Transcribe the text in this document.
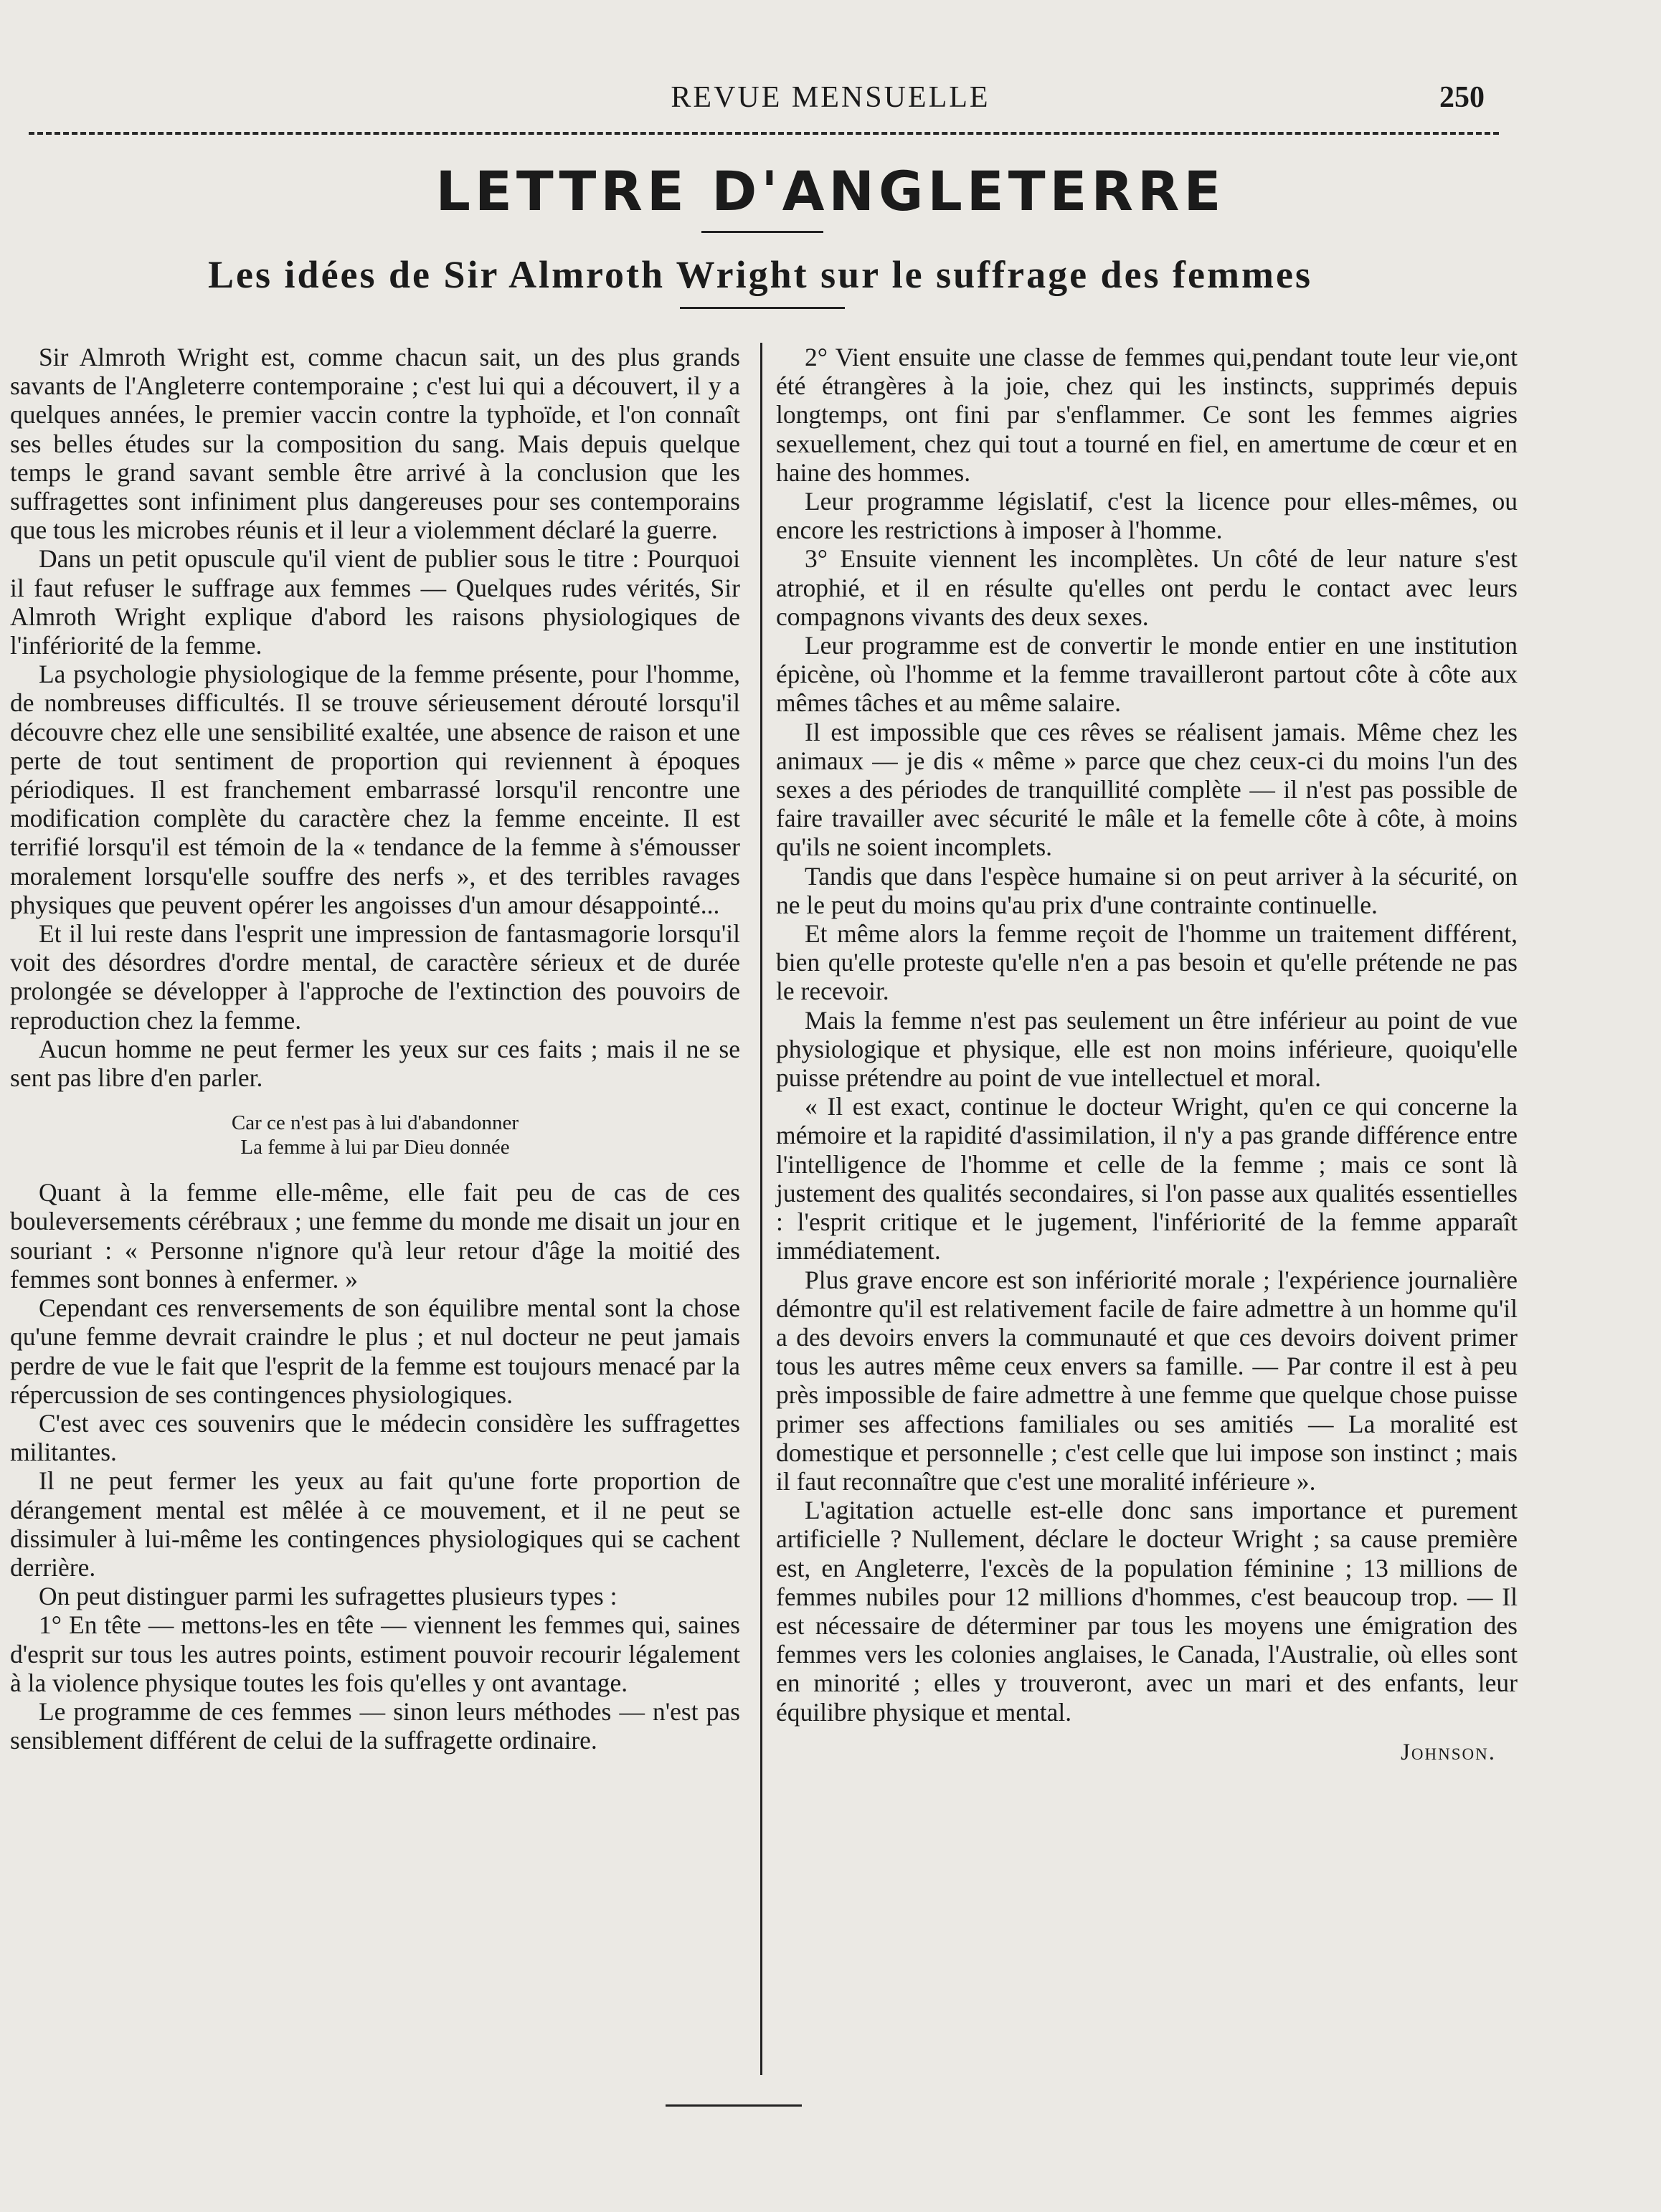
REVUE MENSUELLE	250
LETTRE D'ANGLETERRE
Les idées de Sir Almroth Wright sur le suffrage des femmes

Sir Almroth Wright est, comme chacun sait, un des plus grands savants de l'Angleterre contemporaine ; c'est lui qui a découvert, il y a quelques années, le premier vaccin contre la typhoïde, et l'on connaît ses belles études sur la composition du sang. Mais depuis quelque temps le grand savant semble être arrivé à la conclusion que les suffragettes sont infiniment plus dangereuses pour ses contemporains que tous les microbes réunis et il leur a violemment déclaré la guerre.

Dans un petit opuscule qu'il vient de publier sous le titre : Pourquoi il faut refuser le suffrage aux femmes — Quelques rudes vérités, Sir Almroth Wright explique d'abord les raisons physiologiques de l'infériorité de la femme.

La psychologie physiologique de la femme présente, pour l'homme, de nombreuses difficultés. Il se trouve sérieusement dérouté lorsqu'il découvre chez elle une sensibilité exaltée, une absence de raison et une perte de tout sentiment de proportion qui reviennent à époques périodiques. Il est franchement embarrassé lorsqu'il rencontre une modification complète du caractère chez la femme enceinte. Il est terrifié lorsqu'il est témoin de la « tendance de la femme à s'émousser moralement lorsqu'elle souffre des nerfs », et des terribles ravages physiques que peuvent opérer les angoisses d'un amour désappointé...

Et il lui reste dans l'esprit une impression de fantasmagorie lorsqu'il voit des désordres d'ordre mental, de caractère sérieux et de durée prolongée se développer à l'approche de l'extinction des pouvoirs de reproduction chez la femme.

Aucun homme ne peut fermer les yeux sur ces faits ; mais il ne se sent pas libre d'en parler.

Car ce n'est pas à lui d'abandonner
La femme à lui par Dieu donnée

Quant à la femme elle-même, elle fait peu de cas de ces bouleversements cérébraux ; une femme du monde me disait un jour en souriant : « Personne n'ignore qu'à leur retour d'âge la moitié des femmes sont bonnes à enfermer. »

Cependant ces renversements de son équilibre mental sont la chose qu'une femme devrait craindre le plus ; et nul docteur ne peut jamais perdre de vue le fait que l'esprit de la femme est toujours menacé par la répercussion de ses contingences physiologiques.

C'est avec ces souvenirs que le médecin considère les suffragettes militantes.

Il ne peut fermer les yeux au fait qu'une forte proportion de dérangement mental est mêlée à ce mouvement, et il ne peut se dissimuler à lui-même les contingences physiologiques qui se cachent derrière.

On peut distinguer parmi les sufragettes plusieurs types :

1° En tête — mettons-les en tête — viennent les femmes qui, saines d'esprit sur tous les autres points, estiment pouvoir recourir légalement à la violence physique toutes les fois qu'elles y ont avantage.

Le programme de ces femmes — sinon leurs méthodes — n'est pas sensiblement différent de celui de la suffragette ordinaire.

2° Vient ensuite une classe de femmes qui,pendant toute leur vie,ont été étrangères à la joie, chez qui les instincts, supprimés depuis longtemps, ont fini par s'enflammer. Ce sont les femmes aigries sexuellement, chez qui tout a tourné en fiel, en amertume de cœur et en haine des hommes.

Leur programme législatif, c'est la licence pour elles-mêmes, ou encore les restrictions à imposer à l'homme.

3° Ensuite viennent les incomplètes. Un côté de leur nature s'est atrophié, et il en résulte qu'elles ont perdu le contact avec leurs compagnons vivants des deux sexes.

Leur programme est de convertir le monde entier en une institution épicène, où l'homme et la femme travailleront partout côte à côte aux mêmes tâches et au même salaire.

Il est impossible que ces rêves se réalisent jamais. Même chez les animaux — je dis « même » parce que chez ceux-ci du moins l'un des sexes a des périodes de tranquillité complète — il n'est pas possible de faire travailler avec sécurité le mâle et la femelle côte à côte, à moins qu'ils ne soient incomplets.

Tandis que dans l'espèce humaine si on peut arriver à la sécurité, on ne le peut du moins qu'au prix d'une contrainte continuelle.

Et même alors la femme reçoit de l'homme un traitement différent, bien qu'elle proteste qu'elle n'en a pas besoin et qu'elle prétende ne pas le recevoir.

Mais la femme n'est pas seulement un être inférieur au point de vue physiologique et physique, elle est non moins inférieure, quoiqu'elle puisse prétendre au point de vue intellectuel et moral.

« Il est exact, continue le docteur Wright, qu'en ce qui concerne la mémoire et la rapidité d'assimilation, il n'y a pas grande différence entre l'intelligence de l'homme et celle de la femme ; mais ce sont là justement des qualités secondaires, si l'on passe aux qualités essentielles : l'esprit critique et le jugement, l'infériorité de la femme apparaît immédiatement.

Plus grave encore est son infériorité morale ; l'expérience journalière démontre qu'il est relativement facile de faire admettre à un homme qu'il a des devoirs envers la communauté et que ces devoirs doivent primer tous les autres même ceux envers sa famille. — Par contre il est à peu près impossible de faire admettre à une femme que quelque chose puisse primer ses affections familiales ou ses amitiés — La moralité est domestique et personnelle ; c'est celle que lui impose son instinct ; mais il faut reconnaître que c'est une moralité inférieure ».

L'agitation actuelle est-elle donc sans importance et purement artificielle ? Nullement, déclare le docteur Wright ; sa cause première est, en Angleterre, l'excès de la population féminine ; 13 millions de femmes nubiles pour 12 millions d'hommes, c'est beaucoup trop. — Il est nécessaire de déterminer par tous les moyens une émigration des femmes vers les colonies anglaises, le Canada, l'Australie, où elles sont en minorité ; elles y trouveront, avec un mari et des enfants, leur équilibre physique et mental.

Johnson.
